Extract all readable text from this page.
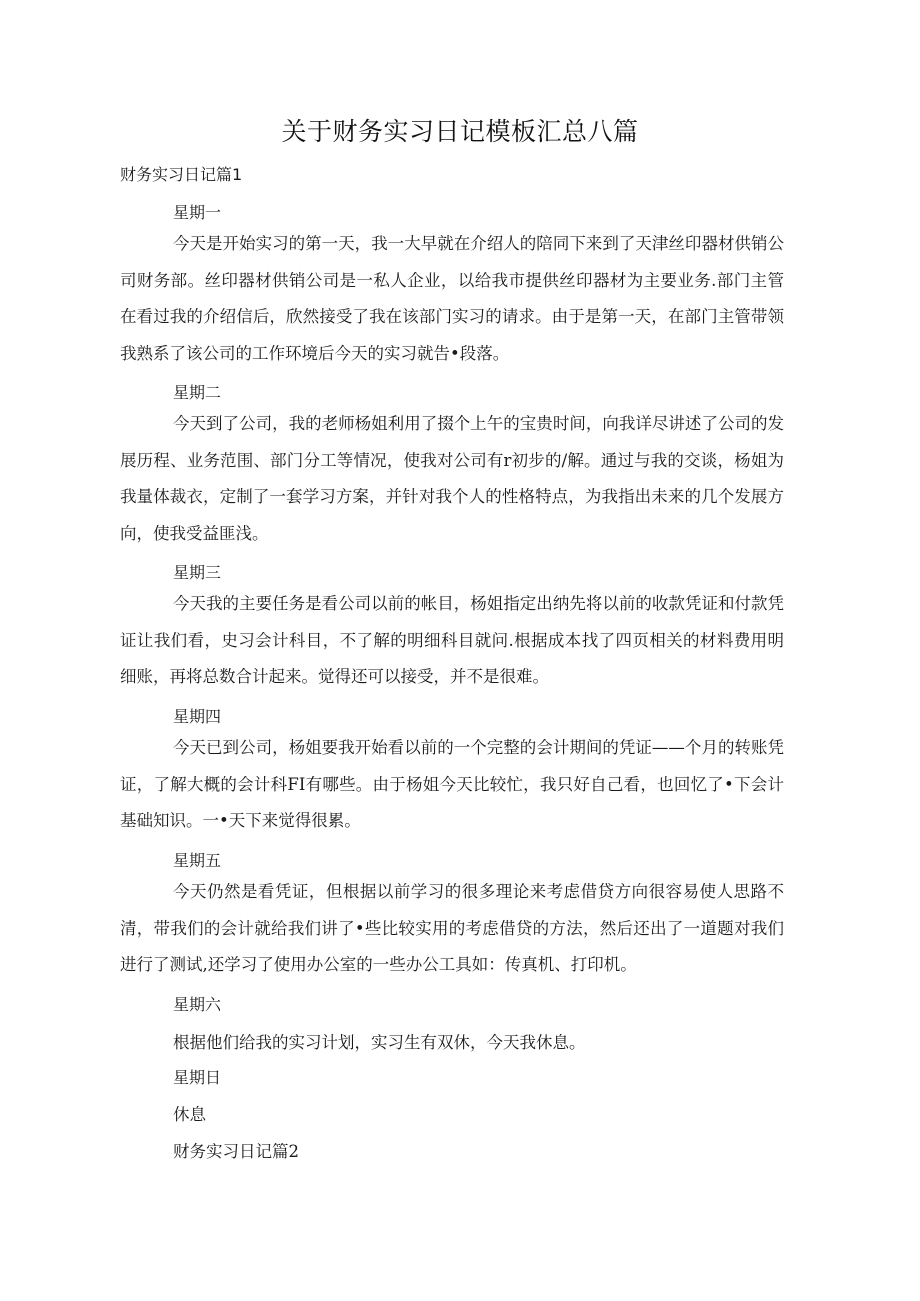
关于财务实习日记模板汇总八篇
财务实习日记篇1
星期一
今天是开始实习的第一天，我一大早就在介绍人的陪同下来到了天津丝印器材供销公司财务部。丝印器材供销公司是一私人企业，以给我市提供丝印器材为主要业务.部门主管在看过我的介绍信后，欣然接受了我在该部门实习的请求。由于是第一天，在部门主管带领我熟系了该公司的工作环境后今天的实习就告•段落。
星期二
今天到了公司，我的老师杨姐利用了掇个上午的宝贵时间，向我详尽讲述了公司的发展历程、业务范围、部门分工等情况，使我对公司有r初步的/解。通过与我的交谈，杨姐为我量体裁衣，定制了一套学习方案，并针对我个人的性格特点，为我指出未来的几个发展方向，使我受益匪浅。
星期三
今天我的主要任务是看公司以前的帐目，杨姐指定出纳先将以前的收款凭证和付款凭证让我们看，史习会计科目，不了解的明细科目就问.根据成本找了四页相关的材料费用明细账，再将总数合计起来。觉得还可以接受，并不是很难。
星期四
今天已到公司，杨姐要我开始看以前的一个完整的会计期间的凭证——个月的转账凭证，了解大概的会计科FI有哪些。由于杨姐今天比较忙，我只好自己看，也回忆了•下会计基础知识。一•天下来觉得很累。
星期五
今天仍然是看凭证，但根据以前学习的很多理论来考虑借贷方向很容易使人思路不清，带我们的会计就给我们讲了•些比较实用的考虑借贷的方法，然后还出了一道题对我们进行了测试,还学习了使用办公室的一些办公工具如：传真机、打印机。
星期六
根据他们给我的实习计划，实习生有双休，今天我休息。
星期日
休息
财务实习日记篇2
